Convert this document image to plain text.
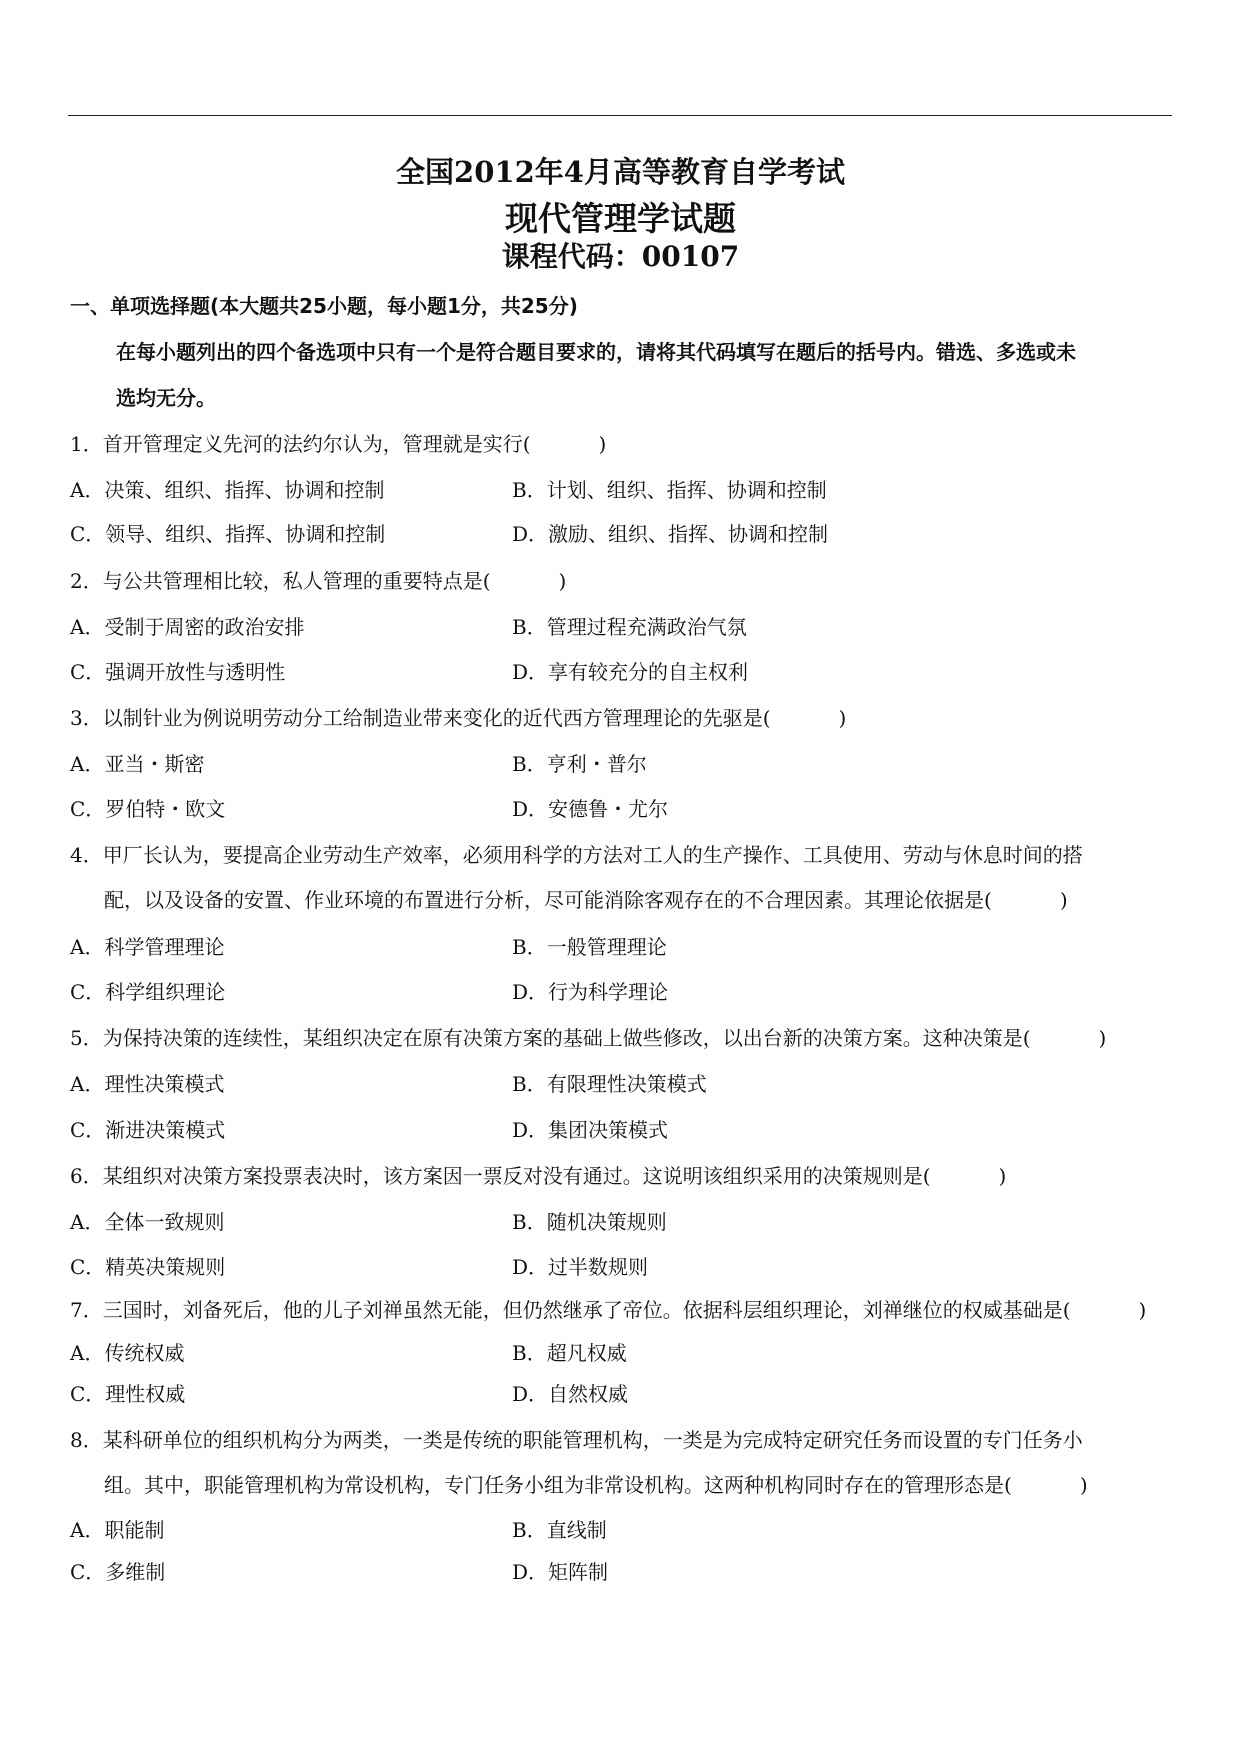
全国2012年4月高等教育自学考试
现代管理学试题
课程代码：00107
一、单项选择题(本大题共25小题，每小题1分，共25分)
在每小题列出的四个备选项中只有一个是符合题目要求的，请将其代码填写在题后的括号内。错选、多选或未
选均无分。
1．首开管理定义先河的法约尔认为，管理就是实行(	)
A．决策、组织、指挥、协调和控制	B．计划、组织、指挥、协调和控制
C．领导、组织、指挥、协调和控制	D．激励、组织、指挥、协调和控制
2．与公共管理相比较，私人管理的重要特点是(	)
A．受制于周密的政治安排	B．管理过程充满政治气氛
C．强调开放性与透明性	D．享有较充分的自主权利
3．以制针业为例说明劳动分工给制造业带来变化的近代西方管理理论的先驱是(	)
A．亚当・斯密	B．亨利・普尔
C．罗伯特・欧文	D．安德鲁・尤尔
4．甲厂长认为，要提高企业劳动生产效率，必须用科学的方法对工人的生产操作、工具使用、劳动与休息时间的搭
配，以及设备的安置、作业环境的布置进行分析，尽可能消除客观存在的不合理因素。其理论依据是(	)
A．科学管理理论	B．一般管理理论
C．科学组织理论	D．行为科学理论
5．为保持决策的连续性，某组织决定在原有决策方案的基础上做些修改，以出台新的决策方案。这种决策是(	)
A．理性决策模式	B．有限理性决策模式
C．渐进决策模式	D．集团决策模式
6．某组织对决策方案投票表决时，该方案因一票反对没有通过。这说明该组织采用的决策规则是(	)
A．全体一致规则	B．随机决策规则
C．精英决策规则	D．过半数规则
7．三国时，刘备死后，他的儿子刘禅虽然无能，但仍然继承了帝位。依据科层组织理论，刘禅继位的权威基础是(	)
A．传统权威	B．超凡权威
C．理性权威	D．自然权威
8．某科研单位的组织机构分为两类，一类是传统的职能管理机构，一类是为完成特定研究任务而设置的专门任务小
组。其中，职能管理机构为常设机构，专门任务小组为非常设机构。这两种机构同时存在的管理形态是(	)
A．职能制	B．直线制
C．多维制	D．矩阵制
